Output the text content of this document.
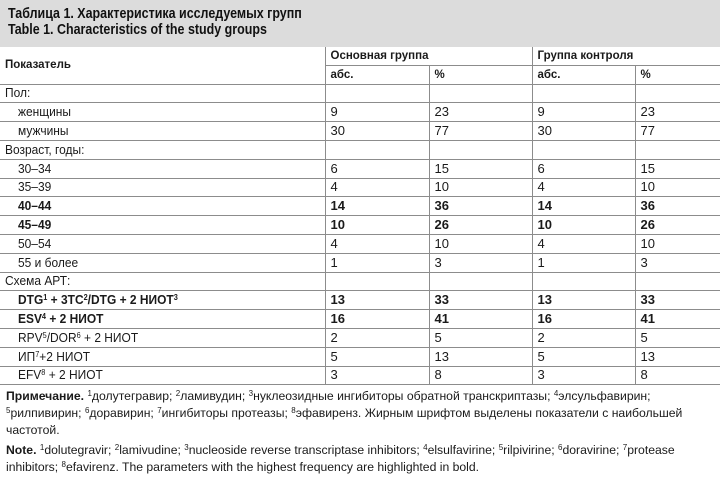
Таблица 1. Характеристика исследуемых групп
Table 1. Characteristics of the study groups
Показатель	Основная группа		Группа контроля	
	абс.	%	абс.	%
Пол:				
женщины	9	23	9	23
мужчины	30	77	30	77
Возраст, годы:				
30–34	6	15	6	15
35–39	4	10	4	10
40–44	14	36	14	36
45–49	10	26	10	26
50–54	4	10	4	10
55 и более	1	3	1	3
Схема АРТ:				
$DTG^1 + 3TC^2/DTG + 2$ НИОТ$^3$	13	33	13	33
$ESV^4 + 2$ НИОТ	16	41	16	41
$RPV^5/DOR^6 + 2$ НИОТ	2	5	2	5
$ИП^7+2$ НИОТ	5	13	5	13
$EFV^8 + 2$ НИОТ	3	8	3	8

Примечание. $^1$долутегравир; $^2$ламивудин; $^3$нуклеозидные ингибиторы обратной транскриптазы; $^4$элсульфавирин; $^5$рилпивирин; $^6$доравирин; $^7$ингибиторы протеазы; $^8$эфавиренз. Жирным шрифтом выделены показатели с наибольшей частотой.

Note. $^1$dolutegravir; $^2$lamivudine; $^3$nucleoside reverse transcriptase inhibitors; $^4$elsulfavirine; $^5$rilpivirine; $^6$doravirine; $^7$protease inhibitors; $^8$efavirenz. The parameters with the highest frequency are highlighted in bold.
